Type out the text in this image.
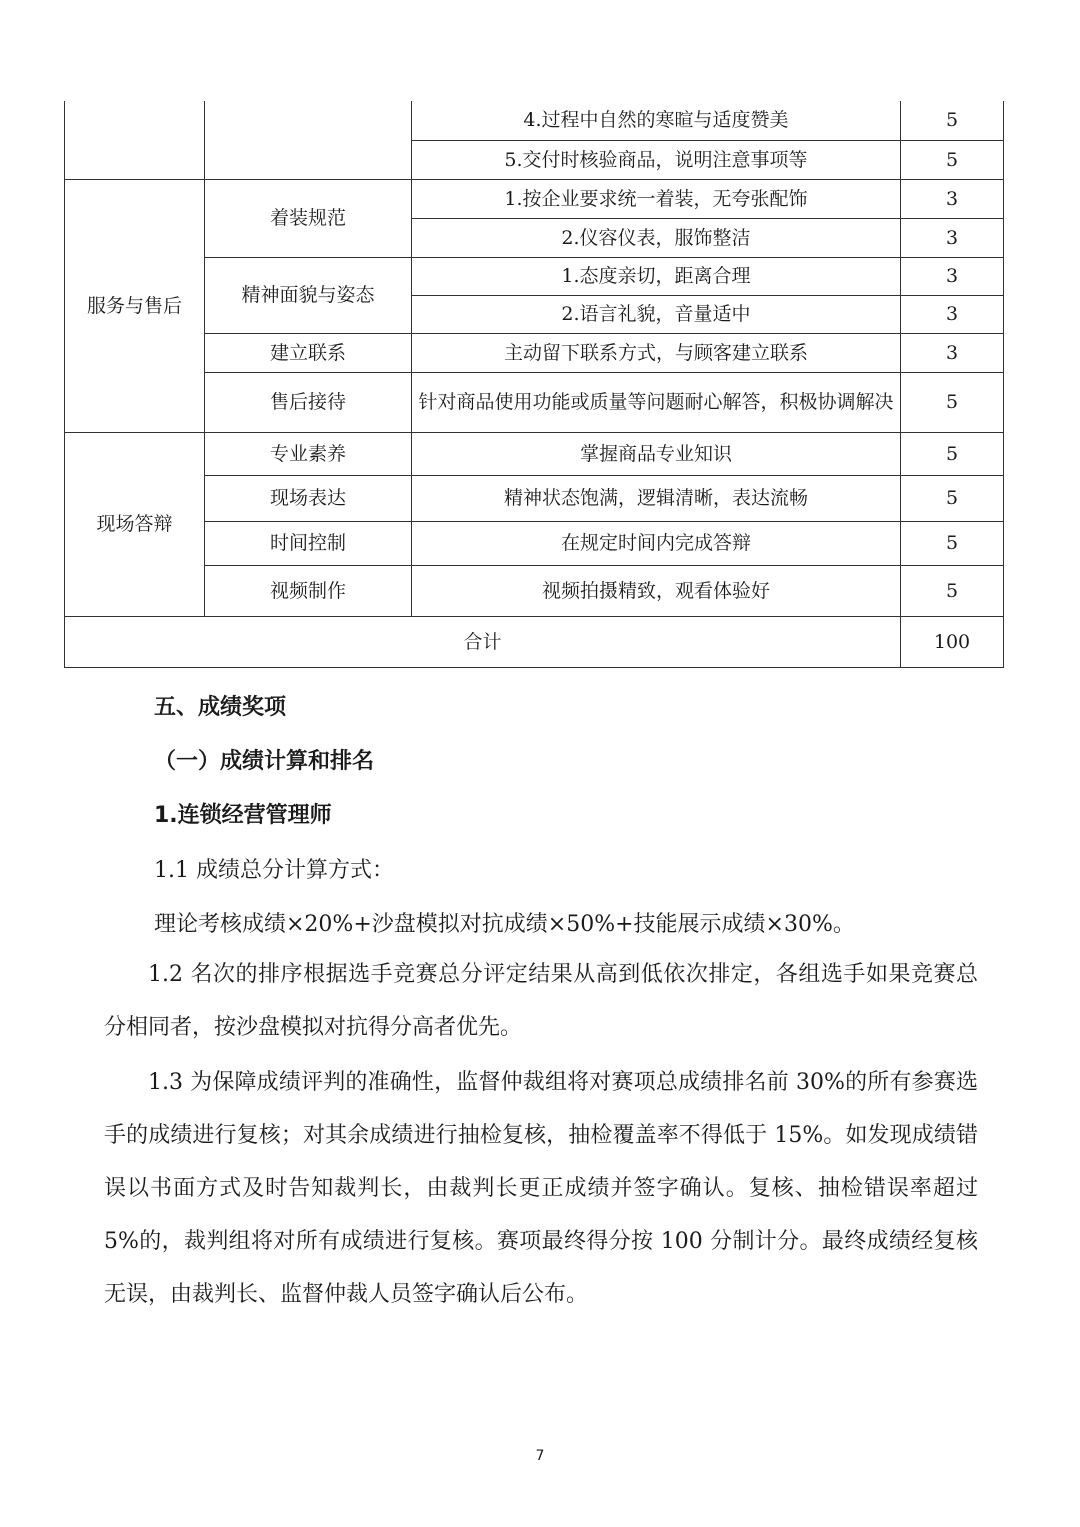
		4.过程中自然的寒暄与适度赞美	5
		5.交付时核验商品，说明注意事项等	5
服务与售后	着装规范	1.按企业要求统一着装，无夸张配饰	3
		2.仪容仪表，服饰整洁	3
	精神面貌与姿态	1.态度亲切，距离合理	3
		2.语言礼貌，音量适中	3
	建立联系	主动留下联系方式，与顾客建立联系	3
	售后接待	针对商品使用功能或质量等问题耐心解答，积极协调解决	5
现场答辩	专业素养	掌握商品专业知识	5
	现场表达	精神状态饱满，逻辑清晰，表达流畅	5
	时间控制	在规定时间内完成答辩	5
	视频制作	视频拍摄精致，观看体验好	5
合计			100
五、成绩奖项
（一）成绩计算和排名
1.连锁经营管理师
1.1 成绩总分计算方式：
理论考核成绩×20%+沙盘模拟对抗成绩×50%+技能展示成绩×30%。
1.2 名次的排序根据选手竞赛总分评定结果从高到低依次排定，各组选手如果竞赛总分相同者，按沙盘模拟对抗得分高者优先。
1.3 为保障成绩评判的准确性，监督仲裁组将对赛项总成绩排名前 30%的所有参赛选手的成绩进行复核；对其余成绩进行抽检复核，抽检覆盖率不得低于 15%。如发现成绩错误以书面方式及时告知裁判长，由裁判长更正成绩并签字确认。复核、抽检错误率超过 5%的，裁判组将对所有成绩进行复核。赛项最终得分按 100 分制计分。最终成绩经复核无误，由裁判长、监督仲裁人员签字确认后公布。
7
